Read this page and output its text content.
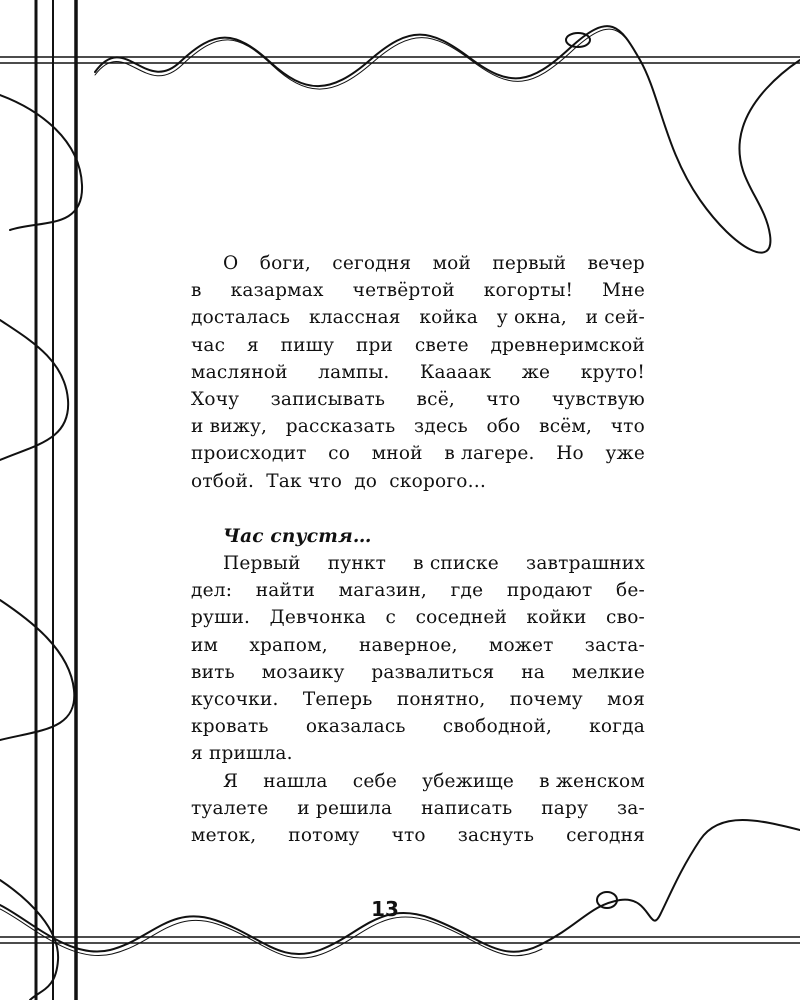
О боги, сегодня мой первый вечер
в казармах четвёртой когорты! Мне
досталась классная койка у окна, и сей-
час я пишу при свете древнеримской
масляной лампы. Каааак же круто!
Хочу записывать всё, что чувствую
и вижу, рассказать здесь обо всём, что
происходит со мной в лагере. Но уже
отбой.  Так что  до  скорого…
Час спустя…
Первый пункт в списке завтрашних
дел: найти магазин, где продают бе-
руши. Девчонка с соседней койки сво-
им храпом, наверное, может застa-
вить мозаику развалиться на мелкие
кусочки. Теперь понятно, почему моя
кровать оказалась свободной, когда
я пришла.
Я нашла себе убежище в женском
туалете и решила написать пару за-
меток, потому что заснуть сегодня
13
